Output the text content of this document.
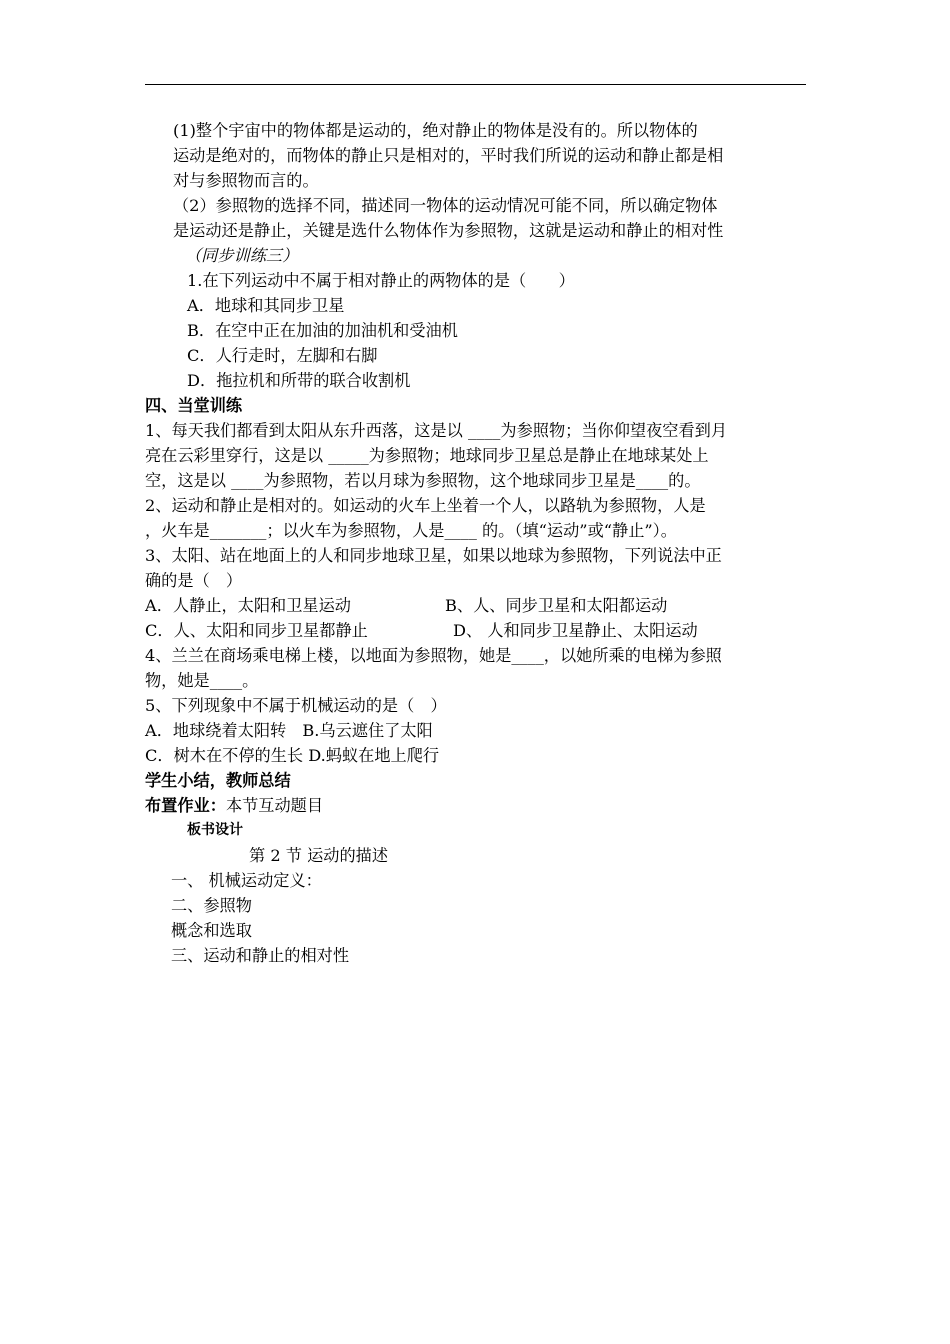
(1)整个宇宙中的物体都是运动的，绝对静止的物体是没有的。所以物体的
运动是绝对的，而物体的静止只是相对的，平时我们所说的运动和静止都是相
对与参照物而言的。
（2）参照物的选择不同，描述同一物体的运动情况可能不同，所以确定物体
是运动还是静止，关键是选什么物体作为参照物，这就是运动和静止的相对性
（同步训练三）
1.在下列运动中不属于相对静止的两物体的是（　　）
A．地球和其同步卫星
B．在空中正在加油的加油机和受油机
C．人行走时，左脚和右脚
D．拖拉机和所带的联合收割机
四、当堂训练
1、每天我们都看到太阳从东升西落，这是以 ____为参照物；当你仰望夜空看到月
亮在云彩里穿行，这是以 _____为参照物；地球同步卫星总是静止在地球某处上
空，这是以 ____为参照物，若以月球为参照物，这个地球同步卫星是____的。
2、运动和静止是相对的。如运动的火车上坐着一个人，以路轨为参照物，人是
，火车是_______；以火车为参照物，人是____ 的。（填“运动”或“静止”）。
3、太阳、站在地面上的人和同步地球卫星，如果以地球为参照物，下列说法中正
确的是（　）
A．人静止，太阳和卫星运动	B、人、同步卫星和太阳都运动
C．人、太阳和同步卫星都静止	D、 人和同步卫星静止、太阳运动
4、兰兰在商场乘电梯上楼，以地面为参照物，她是____，以她所乘的电梯为参照
物，她是____。
5、下列现象中不属于机械运动的是（　）
A．地球绕着太阳转　B.乌云遮住了太阳
C．树木在不停的生长 D.蚂蚁在地上爬行
学生小结，教师总结
布置作业：本节互动题目
板书设计
第 2 节 运动的描述
一、 机械运动定义：
二、参照物
概念和选取
三、运动和静止的相对性
